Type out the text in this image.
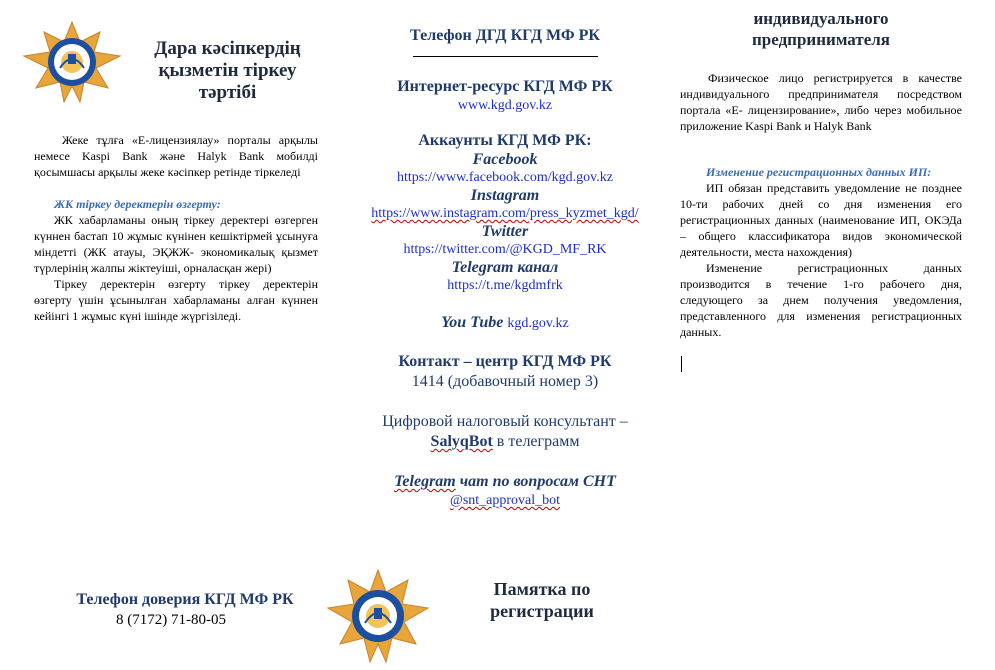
Дара кәсіпкердің
қызметін тіркеу
тәртібі

Жеке тұлға «Е-лицензиялау» порталы арқылы немесе Kaspi Bank және Halyk Bank мобилді қосымшасы арқылы жеке кәсіпкер ретінде тіркеледі

ЖК тіркеу деректерін өзгерту:

ЖК хабарламаны оның тіркеу деректері өзгерген күннен бастап 10 жұмыс күнінен кешіктірмей ұсынуға міндетті (ЖК атауы, ЭҚЖЖ- экономикалық қызмет түрлерінің жалпы жіктеуіші, орналасқан жері)

Тіркеу деректерін өзгерту тіркеу деректерін өзгерту үшін ұсынылған хабарламаны алған күннен кейінгі 1 жұмыс күні ішінде жүргізіледі.

Телефон доверия КГД МФ РК
8 (7172) 71-80-05
Телефон ДГД КГД МФ РК
Интернет-ресурс КГД МФ РК
www.kgd.gov.kz
Аккаунты КГД МФ РК:
Facebook
https://www.facebook.com/kgd.gov.kz
Instagram
https://www.instagram.com/press_kyzmet_kgd/
Twitter
https://twitter.com/@KGD_MF_RK
Telegram канал
https://t.me/kgdmfrk
You Tube kgd.gov.kz
Контакт – центр КГД МФ РК
1414 (добавочный номер 3)
Цифровой налоговый консультант –
SalyqBot в телеграмм
Telegram чат по вопросам СНТ
@snt_approval_bot
Памятка по
регистрации
индивидуального
предпринимателя

Физическое лицо регистрируется в качестве индивидуального предпринимателя посредством портала «Е- лицензирование», либо через мобильное приложение Kaspi Bank и Halyk Bank

Изменение регистрационных данных ИП:

ИП обязан представить уведомление не позднее 10-ти рабочих дней со дня изменения его регистрационных данных (наименование ИП, ОКЭДа – общего классификатора видов экономической деятельности, места нахождения)

Изменение регистрационных данных производится в течение 1-го рабочего дня, следующего за днем получения уведомления, представленного для изменения регистрационных данных.
